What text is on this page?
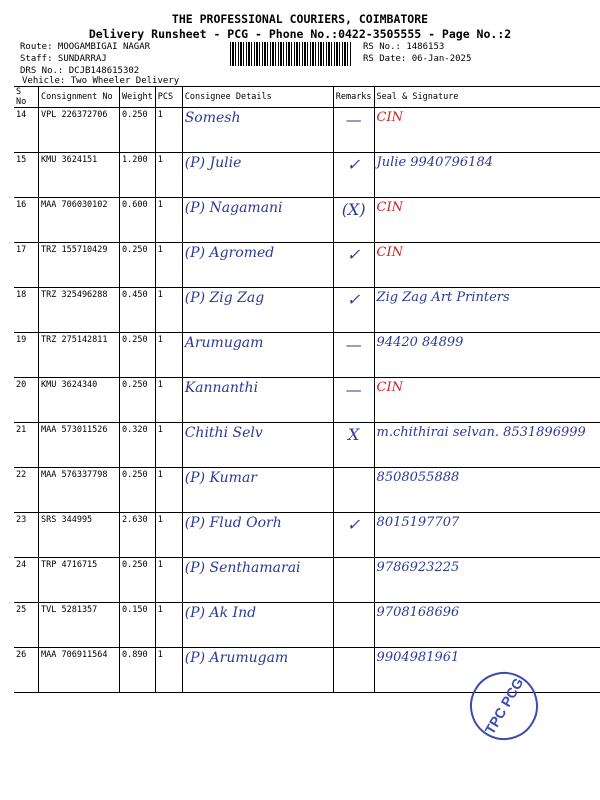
THE PROFESSIONAL COURIERS, COIMBATORE
Delivery Runsheet - PCG - Phone No.:0422-3505555 - Page No.:2
Route: MOOGAMBIGAI NAGAR
Staff: SUNDARRAJ
DRS No.: DCJB148615302
Vehicle: Two Wheeler Delivery
RS No.: 1486153
RS Date: 06-Jan-2025
S No	Consignment No	Weight	PCS	Consignee Details	Remarks	Seal & Signature
14	VPL 226372706	0.250	1	Somesh	—	CIN
15	KMU 3624151	1.200	1	(P) Julie	✓	Julie 9940796184
16	MAA 706030102	0.600	1	(P) Nagamani	(X)	CIN
17	TRZ 155710429	0.250	1	(P) Agromed	✓	CIN
18	TRZ 325496288	0.450	1	(P) Zig Zag	✓	Zig Zag Art Printers
19	TRZ 275142811	0.250	1	Arumugam	—	94420 84899
20	KMU 3624340	0.250	1	Kannanthi	—	CIN
21	MAA 573011526	0.320	1	Chithi Selv	X	m.chithirai selvan. 8531896999
22	MAA 576337798	0.250	1	(P) Kumar		8508055888
23	SRS 344995	2.630	1	(P) Flud Oorh	✓	8015197707
24	TRP 4716715	0.250	1	(P) Senthamarai		9786923225
25	TVL 5281357	0.150	1	(P) Ak Ind		9708168696
26	MAA 706911564	0.890	1	(P) Arumugam		9904981961
TPC PCG
